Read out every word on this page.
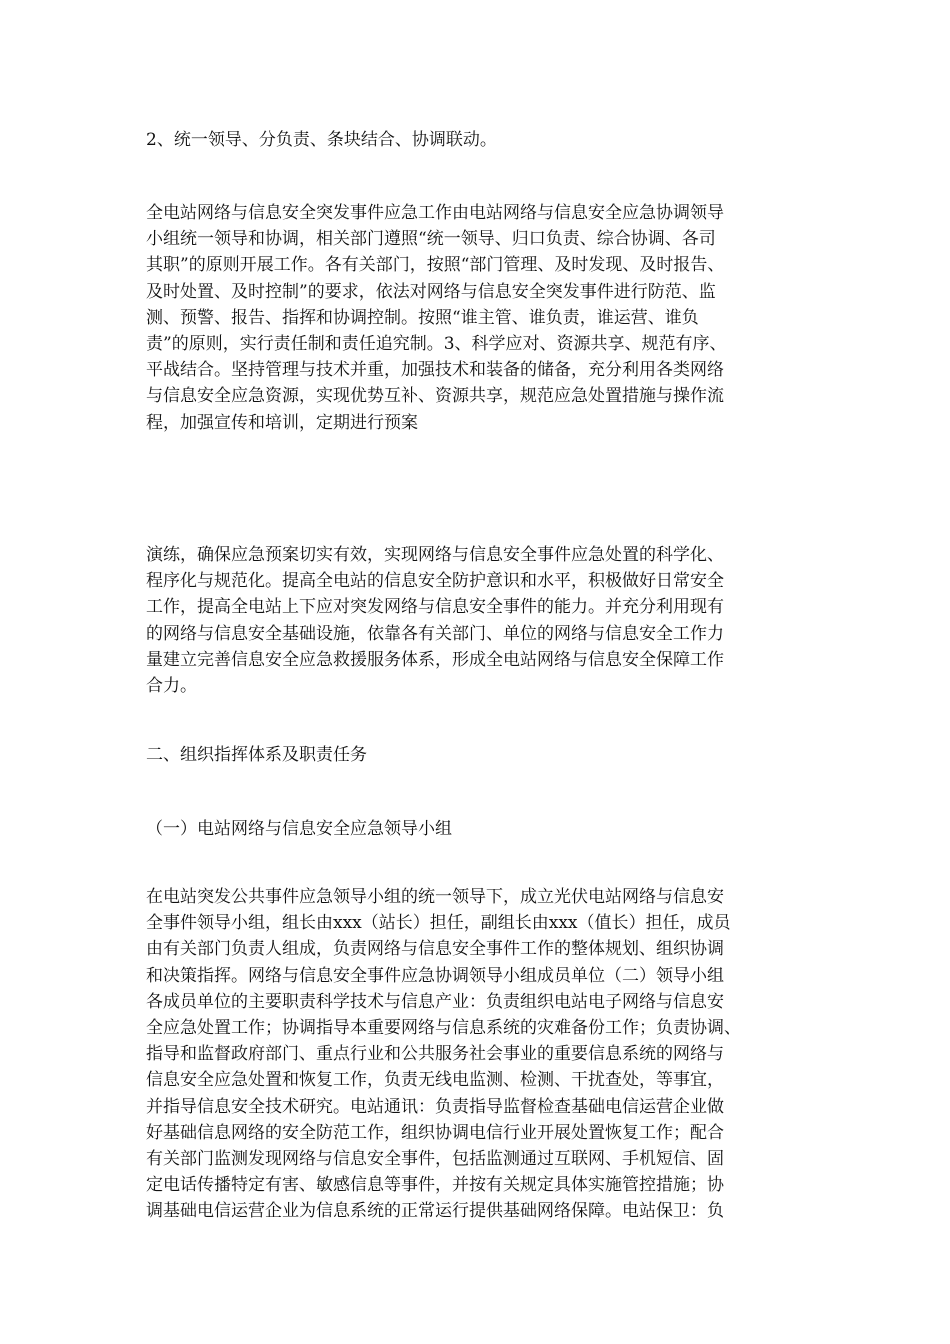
2、统一领导、分负责、条块结合、协调联动。

全电站网络与信息安全突发事件应急工作由电站网络与信息安全应急协调领导
小组统一领导和协调，相关部门遵照“统一领导、归口负责、综合协调、各司
其职”的原则开展工作。各有关部门，按照“部门管理、及时发现、及时报告、
及时处置、及时控制”的要求，依法对网络与信息安全突发事件进行防范、监
测、预警、报告、指挥和协调控制。按照“谁主管、谁负责，谁运营、谁负
责”的原则，实行责任制和责任追究制。3、科学应对、资源共享、规范有序、
平战结合。坚持管理与技术并重，加强技术和装备的储备，充分利用各类网络
与信息安全应急资源，实现优势互补、资源共享，规范应急处置措施与操作流
程，加强宣传和培训，定期进行预案
演练，确保应急预案切实有效，实现网络与信息安全事件应急处置的科学化、
程序化与规范化。提高全电站的信息安全防护意识和水平，积极做好日常安全
工作，提高全电站上下应对突发网络与信息安全事件的能力。并充分利用现有
的网络与信息安全基础设施，依靠各有关部门、单位的网络与信息安全工作力
量建立完善信息安全应急救援服务体系，形成全电站网络与信息安全保障工作
合力。

二、组织指挥体系及职责任务

（一）电站网络与信息安全应急领导小组

在电站突发公共事件应急领导小组的统一领导下，成立光伏电站网络与信息安
全事件领导小组，组长由xxx（站长）担任，副组长由xxx（值长）担任，成员
由有关部门负责人组成，负责网络与信息安全事件工作的整体规划、组织协调
和决策指挥。网络与信息安全事件应急协调领导小组成员单位（二）领导小组
各成员单位的主要职责科学技术与信息产业：负责组织电站电子网络与信息安
全应急处置工作；协调指导本重要网络与信息系统的灾难备份工作；负责协调、
指导和监督政府部门、重点行业和公共服务社会事业的重要信息系统的网络与
信息安全应急处置和恢复工作，负责无线电监测、检测、干扰查处，等事宜，
并指导信息安全技术研究。电站通讯：负责指导监督检查基础电信运营企业做
好基础信息网络的安全防范工作，组织协调电信行业开展处置恢复工作；配合
有关部门监测发现网络与信息安全事件，包括监测通过互联网、手机短信、固
定电话传播特定有害、敏感信息等事件，并按有关规定具体实施管控措施；协
调基础电信运营企业为信息系统的正常运行提供基础网络保障。电站保卫：负
